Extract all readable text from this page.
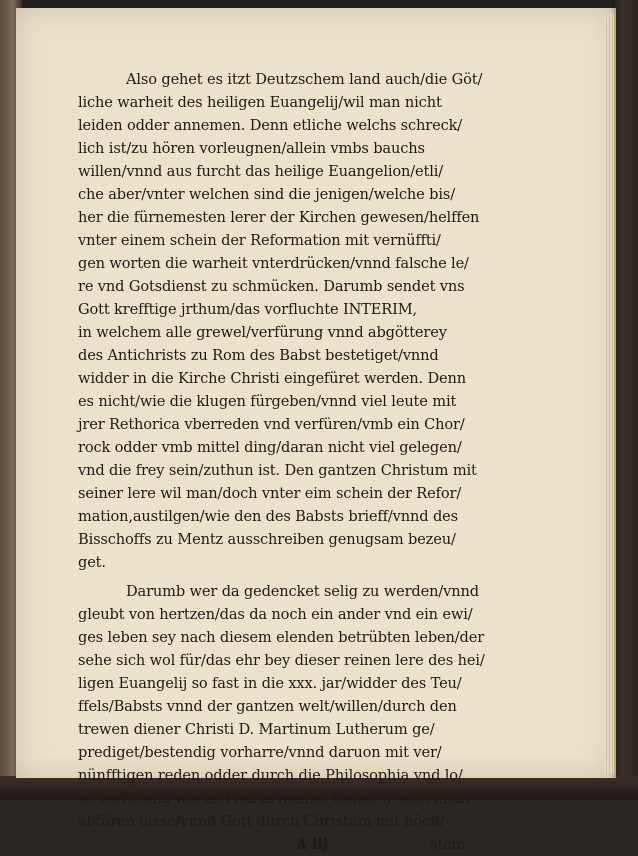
Also gehet es itzt Deutzschem land auch/die Göt/
liche warheit des heiligen Euangelij/wil man nicht
leiden odder annemen. Denn etliche welchs schreck/
lich ist/zu hören vorleugnen/allein vmbs bauchs
willen/vnnd aus furcht das heilige Euangelion/etli/
che aber/vnter welchen sind die jenigen/welche bis/
her die fürnemesten lerer der Kirchen gewesen/helffen
vnter einem schein der Reformation mit vernüffti/
gen worten die warheit vnterdrücken/vnnd falsche le/
re vnd Gotsdienst zu schmücken. Darumb sendet vns
Gott krefftige jrthum/das vorfluchte INTERIM,
in welchem alle grewel/verfürung vnnd abgötterey
des Antichrists zu Rom des Babst bestetiget/vnnd
widder in die Kirche Christi eingefüret werden. Denn
es nicht/wie die klugen fürgeben/vnnd viel leute mit
jrer Rethorica vberreden vnd verfüren/vmb ein Chor/
rock odder vmb mittel ding/daran nicht viel gelegen/
vnd die frey sein/zuthun ist. Den gantzen Christum mit
seiner lere wil man/doch vnter eim schein der Refor/
mation,austilgen/wie den des Babsts brieff/vnnd des
Bisschoffs zu Mentz ausschreiben genugsam bezeu/
get.
Darumb wer da gedencket selig zu werden/vnnd
gleubt von hertzen/das da noch ein ander vnd ein ewi/
ges leben sey nach diesem elenden betrübten leben/der
sehe sich wol für/das ehr bey dieser reinen lere des hei/
ligen Euangelij so fast in die xxx. jar/widder des Teu/
ffels/Babsts vnnd der gantzen welt/willen/durch den
trewen diener Christi D. Martinum Lutherum ge/
prediget/bestendig vorharre/vnnd daruon mit ver/
nünfftigen reden odder durch die Philosophia vnd lo/
se verfürung wie es Paulus nennet Colos. ij. sich nicht
abfüren lasse/vnnd Gott durch Christum mit höch/
A iij	stem
